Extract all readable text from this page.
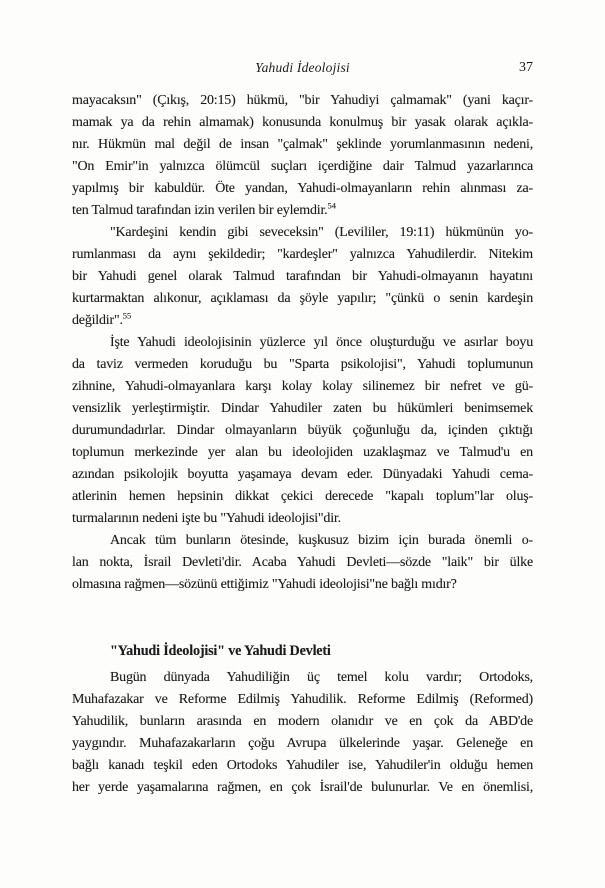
Yahudi İdeolojisi	37
mayacaksın" (Çıkış, 20:15) hükmü, "bir Yahudiyi çalmamak" (yani kaçır-
mamak ya da rehin almamak) konusunda konulmuş bir yasak olarak açıkla-
nır. Hükmün mal değil de insan "çalmak" şeklinde yorumlanmasının nedeni,
"On Emir"in yalnızca ölümcül suçları içerdiğine dair Talmud yazarlarınca
yapılmış bir kabuldür. Öte yandan, Yahudi-olmayanların rehin alınması za-
ten Talmud tarafından izin verilen bir eylemdir.$^{54}$
"Kardeşini kendin gibi seveceksin" (Levililer, 19:11) hükmünün yo-
rumlanması da aynı şekildedir; "kardeşler" yalnızca Yahudilerdir. Nitekim
bir Yahudi genel olarak Talmud tarafından bir Yahudi-olmayanın hayatını
kurtarmaktan alıkonur, açıklaması da şöyle yapılır; "çünkü o senin kardeşin
değildir".$^{55}$
İşte Yahudi ideolojisinin yüzlerce yıl önce oluşturduğu ve asırlar boyu
da taviz vermeden koruduğu bu "Sparta psikolojisi", Yahudi toplumunun
zihnine, Yahudi-olmayanlara karşı kolay kolay silinemez bir nefret ve gü-
vensizlik yerleştirmiştir. Dindar Yahudiler zaten bu hükümleri benimsemek
durumundadırlar. Dindar olmayanların büyük çoğunluğu da, içinden çıktığı
toplumun merkezinde yer alan bu ideolojiden uzaklaşmaz ve Talmud'u en
azından psikolojik boyutta yaşamaya devam eder. Dünyadaki Yahudi cema-
atlerinin hemen hepsinin dikkat çekici derecede "kapalı toplum"lar oluş-
turmalarının nedeni işte bu "Yahudi ideolojisi"dir.
Ancak tüm bunların ötesinde, kuşkusuz bizim için burada önemli o-
lan nokta, İsrail Devleti'dir. Acaba Yahudi Devleti—sözde "laik" bir ülke
olmasına rağmen—sözünü ettiğimiz "Yahudi ideolojisi"ne bağlı mıdır?
"Yahudi İdeolojisi" ve Yahudi Devleti
Bugün dünyada Yahudiliğin üç temel kolu vardır; Ortodoks,
Muhafazakar ve Reforme Edilmiş Yahudilik. Reforme Edilmiş (Reformed)
Yahudilik, bunların arasında en modern olanıdır ve en çok da ABD'de
yaygındır. Muhafazakarların çoğu Avrupa ülkelerinde yaşar. Geleneğe en
bağlı kanadı teşkil eden Ortodoks Yahudiler ise, Yahudiler'in olduğu hemen
her yerde yaşamalarına rağmen, en çok İsrail'de bulunurlar. Ve en önemlisi,
